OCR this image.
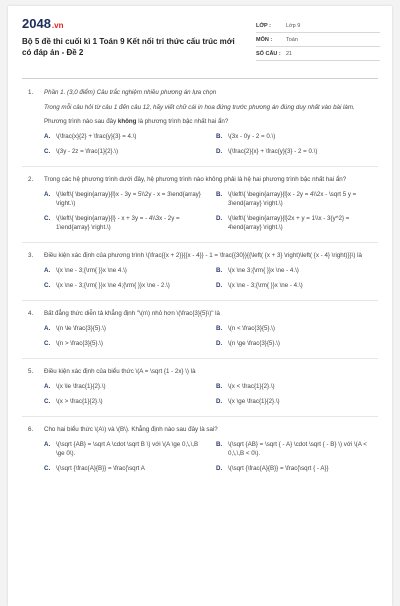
2048.vn
Bộ 5 đề thi cuối kì 1 Toán 9 Kết nối tri thức cấu trúc mới có đáp án - Đề 2
LỚP :	Lớp 9
MÔN :	Toán
SỐ CÂU : 21
1.	Phần 1. (3,0 điểm) Câu trắc nghiệm nhiều phương án lựa chọn
Trong mỗi câu hỏi từ câu 1 đến câu 12, hãy viết chữ cái in hoa đứng trước phương án đúng duy nhất vào bài làm.
Phương trình nào sau đây không là phương trình bậc nhất hai ẩn?
A. \(\frac{x}{2} + \frac{y}{3} = 4.\)	B. \(3x - 0y - 2 = 0.\)
C. \(3y - 2z = \frac{1}{2}.\)	D. \(\frac{2}{x} + \frac{y}{3} - 2 = 0.\)
2.	Trong các hệ phương trình dưới đây, hệ phương trình nào không phải là hệ hai phương trình bậc nhất hai ẩn?
A. \(\left\{ \begin{array}{l}x - 3y = 5\\2y - x = 3\end{array} \right.\)
B. \(\left\{ \begin{array}{l}x - 2y = 4\\2x - \sqrt 5 y = 3\end{array} \right.\)
C. \(\left\{ \begin{array}{l} - x + 3y = - 4\\3x - 2y = 1\end{array} \right.\)
D. \(\left\{ \begin{array}{l}2x + y = 1\\x - 3{y^2} = 4\end{array} \right.\)
3.	Điều kiện xác định của phương trình \(\frac{{x + 2}}{{x - 4}} - 1 = \frac{{30}}{{\left( {x + 3} \right)\left( {x - 4} \right)}}\) là
A. \(x \ne - 3;{\rm{ }}x \ne 4.\)	B. \(x \ne 3;{\rm{ }}x \ne - 4.\)
C. \(x \ne - 3;{\rm{ }}x \ne 4;{\rm{ }}x \ne - 2.\)	D. \(x \ne - 3;{\rm{ }}x \ne - 4.\)
4.	Bất đẳng thức diễn tả khẳng định "\(n\) nhỏ hơn \(\frac{3}{5}\)" là
A. \(n \le \frac{3}{5}.\)	B. \(n < \frac{3}{5}.\)
C. \(n > \frac{3}{5}.\)	D. \(n \ge \frac{3}{5}.\)
5.	Điều kiện xác định của biểu thức \(A = \sqrt {1 - 2x} \) là
A. \(x \le \frac{1}{2}.\)	B. \(x < \frac{1}{2}.\)
C. \(x > \frac{1}{2}.\)	D. \(x \ge \frac{1}{2}.\)
6.	Cho hai biểu thức \(A\) và \(B\). Khẳng định nào sau đây là sai?
A. \(\sqrt {AB} = \sqrt A \cdot \sqrt B \) với \(A \ge 0,\,\,B \ge 0\).
B. \(\sqrt {AB} = \sqrt { - A} \cdot \sqrt { - B} \) với \(A < 0,\,\,B < 0\).
C. \(\sqrt {\frac{A}{B}} = \frac{\sqrt A	D. \(\sqrt {\frac{A}{B}} = \frac{\sqrt { - A}}
